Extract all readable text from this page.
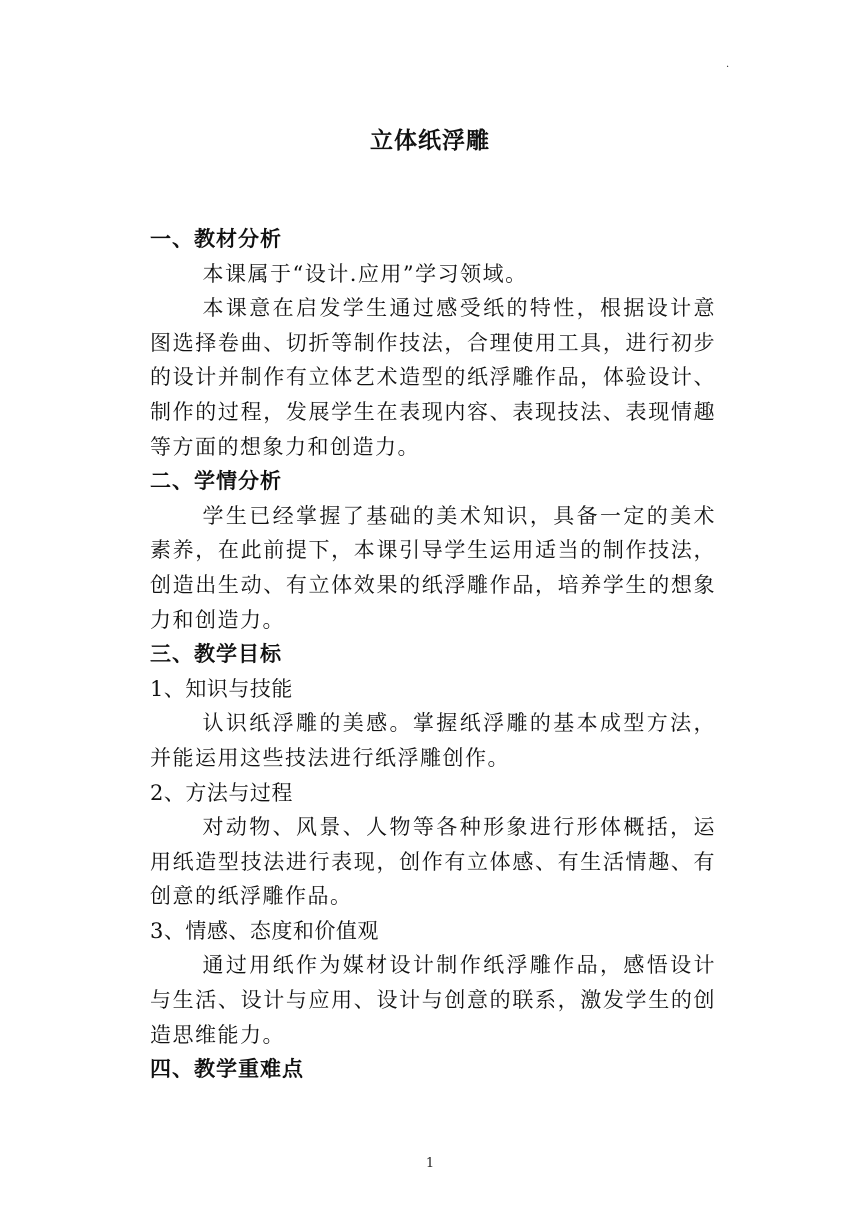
·
立体纸浮雕

一、教材分析

本课属于“设计.应用”学习领域。

本课意在启发学生通过感受纸的特性，根据设计意图选择卷曲、切折等制作技法，合理使用工具，进行初步的设计并制作有立体艺术造型的纸浮雕作品，体验设计、制作的过程，发展学生在表现内容、表现技法、表现情趣等方面的想象力和创造力。

二、学情分析

学生已经掌握了基础的美术知识，具备一定的美术素养，在此前提下，本课引导学生运用适当的制作技法，创造出生动、有立体效果的纸浮雕作品，培养学生的想象力和创造力。

三、教学目标

1、知识与技能

认识纸浮雕的美感。掌握纸浮雕的基本成型方法，并能运用这些技法进行纸浮雕创作。

2、方法与过程

对动物、风景、人物等各种形象进行形体概括，运用纸造型技法进行表现，创作有立体感、有生活情趣、有创意的纸浮雕作品。

3、情感、态度和价值观

通过用纸作为媒材设计制作纸浮雕作品，感悟设计与生活、设计与应用、设计与创意的联系，激发学生的创造思维能力。

四、教学重难点

1
